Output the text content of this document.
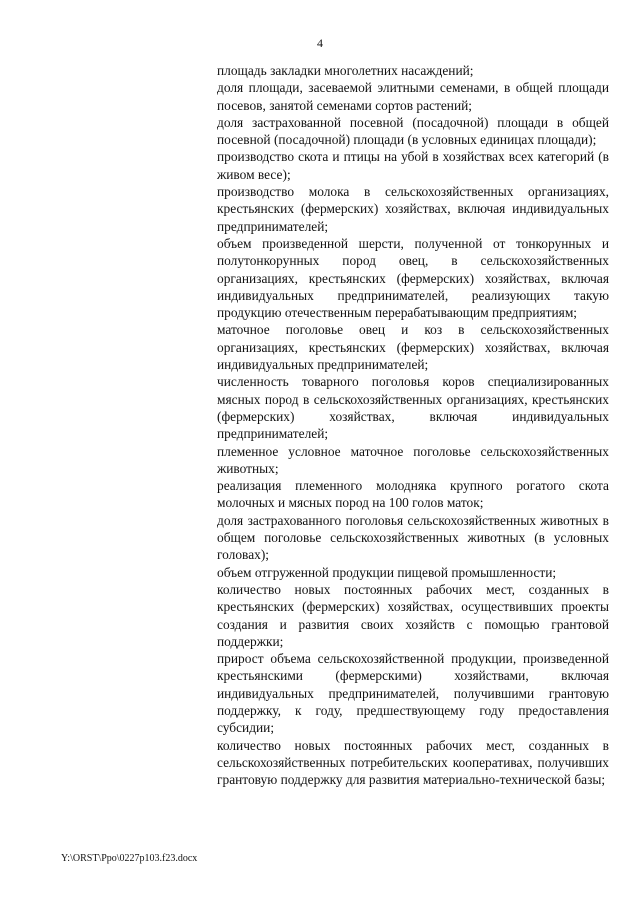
4

площадь закладки многолетних насаждений;

доля площади, засеваемой элитными семенами, в общей площади посевов, занятой семенами сортов растений;

доля застрахованной посевной (посадочной) площади в общей посевной (посадочной) площади (в условных единицах площади);

производство скота и птицы на убой в хозяйствах всех категорий (в живом весе);

производство молока в сельскохозяйственных организациях, крестьянских (фермерских) хозяйствах, включая индивидуальных предпринимателей;

объем произведенной шерсти, полученной от тонкорунных и полутонкорунных пород овец, в сельскохозяйственных организациях, крестьянских (фермерских) хозяйствах, включая индивидуальных предпринимателей, реализующих такую продукцию отечественным перерабатывающим предприятиям;

маточное поголовье овец и коз в сельскохозяйственных организациях, крестьянских (фермерских) хозяйствах, включая индивидуальных предпринимателей;

численность товарного поголовья коров специализированных мясных пород в сельскохозяйственных организациях, крестьянских (фермерских) хозяйствах, включая индивидуальных предпринимателей;

племенное условное маточное поголовье сельскохозяйственных животных;

реализация племенного молодняка крупного рогатого скота молочных и мясных пород на 100 голов маток;

доля застрахованного поголовья сельскохозяйственных животных в общем поголовье сельскохозяйственных животных (в условных головах);

объем отгруженной продукции пищевой промышленности;

количество новых постоянных рабочих мест, созданных в крестьянских (фермерских) хозяйствах, осуществивших проекты создания и развития своих хозяйств с помощью грантовой поддержки;

прирост объема сельскохозяйственной продукции, произведенной крестьянскими (фермерскими) хозяйствами, включая индивидуальных предпринимателей, получившими грантовую поддержку, к году, предшествующему году предоставления субсидии;

количество новых постоянных рабочих мест, созданных в сельскохозяйственных потребительских кооперативах, получивших грантовую поддержку для развития материально-технической базы;

Y:\ORST\Ppo\0227p103.f23.docx
